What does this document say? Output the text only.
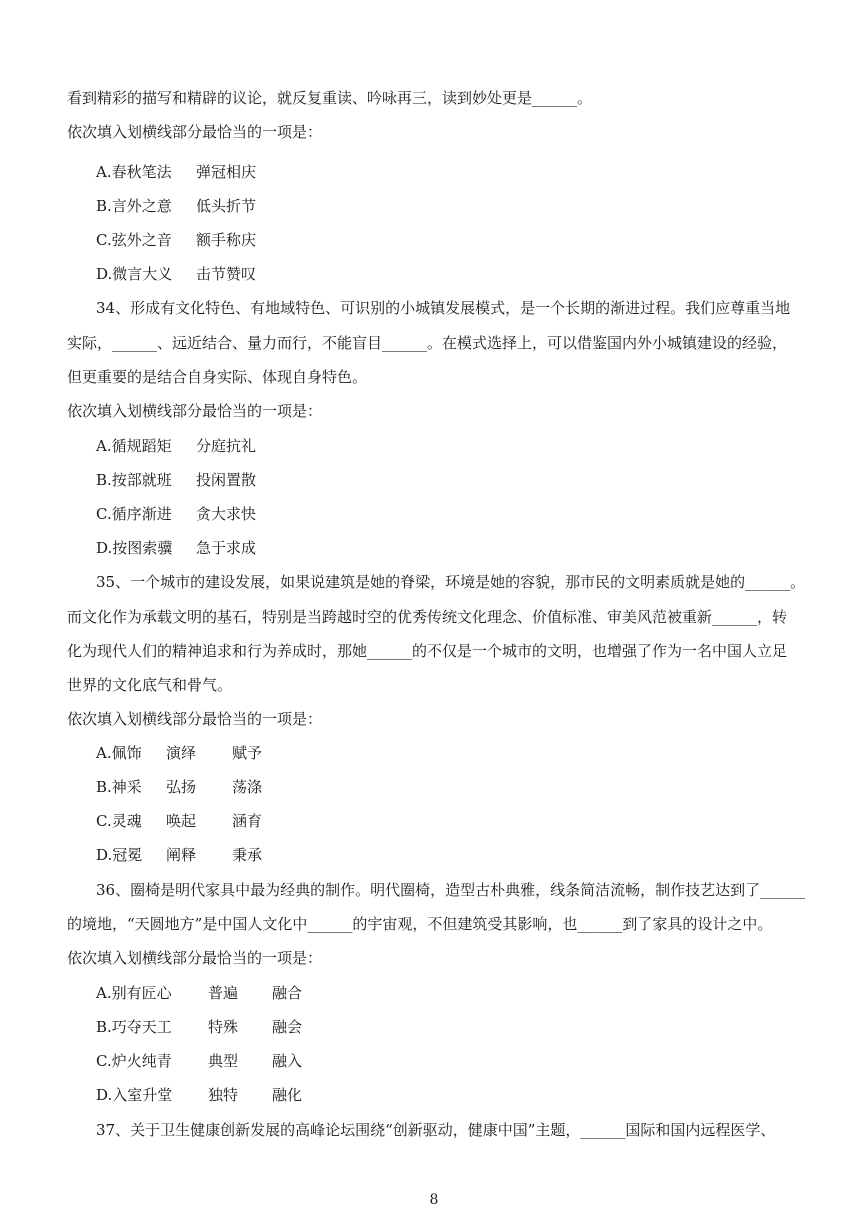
看到精彩的描写和精辟的议论，就反复重读、吟咏再三，读到妙处更是______。
依次填入划横线部分最恰当的一项是：
A.春秋笔法 弹冠相庆
B.言外之意 低头折节
C.弦外之音 额手称庆
D.微言大义 击节赞叹
34、形成有文化特色、有地域特色、可识别的小城镇发展模式，是一个长期的渐进过程。我们应尊重当地
实际，______、远近结合、量力而行，不能盲目______。在模式选择上，可以借鉴国内外小城镇建设的经验，
但更重要的是结合自身实际、体现自身特色。
依次填入划横线部分最恰当的一项是：
A.循规蹈矩 分庭抗礼
B.按部就班 投闲置散
C.循序渐进 贪大求快
D.按图索骥 急于求成
35、一个城市的建设发展，如果说建筑是她的脊梁，环境是她的容貌，那市民的文明素质就是她的______。
而文化作为承载文明的基石，特别是当跨越时空的优秀传统文化理念、价值标准、审美风范被重新______，转
化为现代人们的精神追求和行为养成时，那她______的不仅是一个城市的文明，也增强了作为一名中国人立足
世界的文化底气和骨气。
依次填入划横线部分最恰当的一项是：
A.佩饰 演绎 赋予
B.神采 弘扬 荡涤
C.灵魂 唤起 涵育
D.冠冕 阐释 秉承
36、圈椅是明代家具中最为经典的制作。明代圈椅，造型古朴典雅，线条简洁流畅，制作技艺达到了______
的境地，“天圆地方”是中国人文化中______的宇宙观，不但建筑受其影响，也______到了家具的设计之中。
依次填入划横线部分最恰当的一项是：
A.别有匠心 普遍 融合
B.巧夺天工 特殊 融会
C.炉火纯青 典型 融入
D.入室升堂 独特 融化
37、关于卫生健康创新发展的高峰论坛围绕“创新驱动，健康中国”主题，______国际和国内远程医学、
8
